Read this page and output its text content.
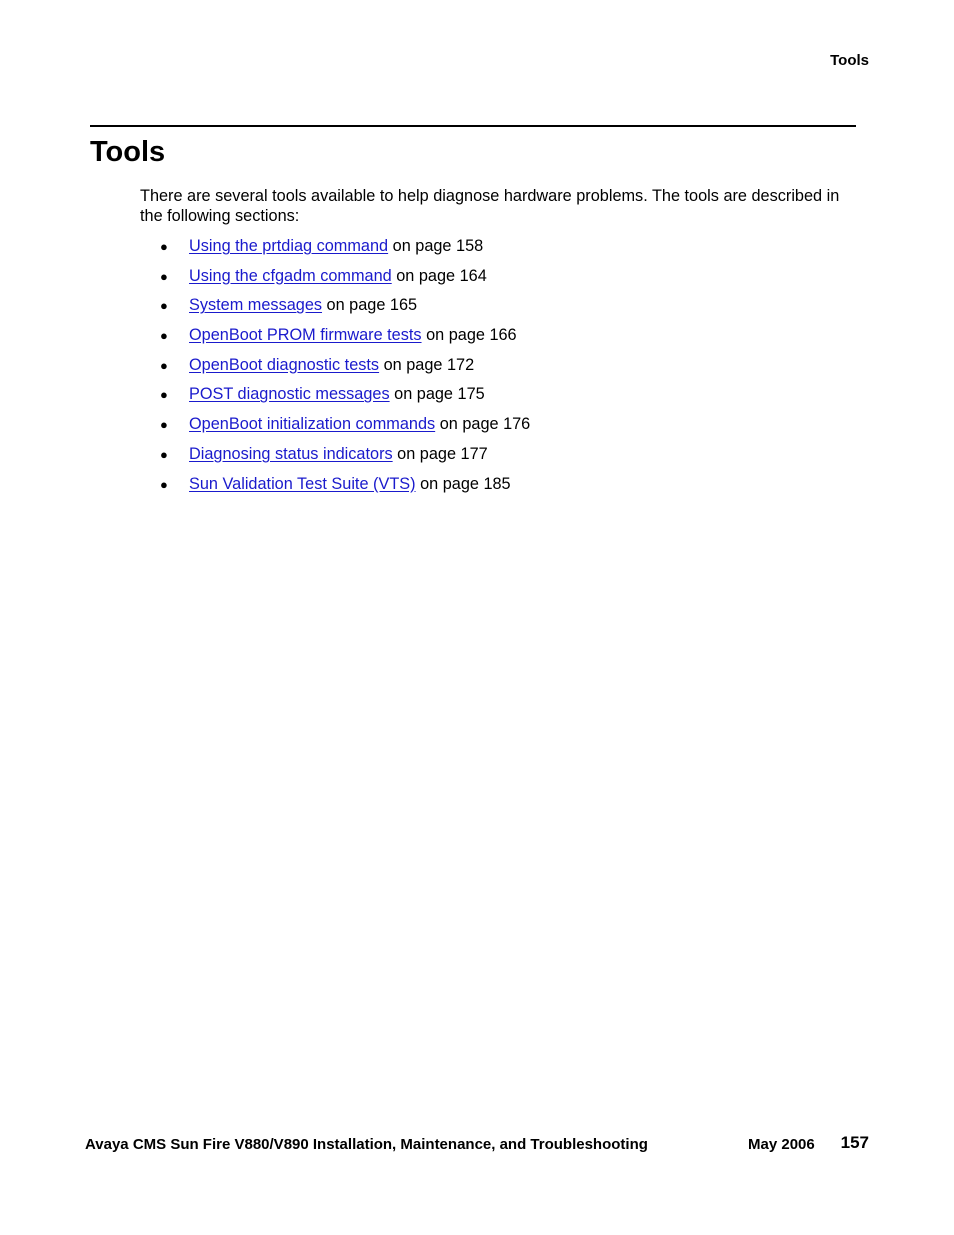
Tools
Tools

There are several tools available to help diagnose hardware problems. The tools are described in the following sections:

● Using the prtdiag command on page 158
● Using the cfgadm command on page 164
● System messages on page 165
● OpenBoot PROM firmware tests on page 166
● OpenBoot diagnostic tests on page 172
● POST diagnostic messages on page 175
● OpenBoot initialization commands on page 176
● Diagnosing status indicators on page 177
● Sun Validation Test Suite (VTS) on page 185
Avaya CMS Sun Fire V880/V890 Installation, Maintenance, and Troubleshooting	May 2006 157
